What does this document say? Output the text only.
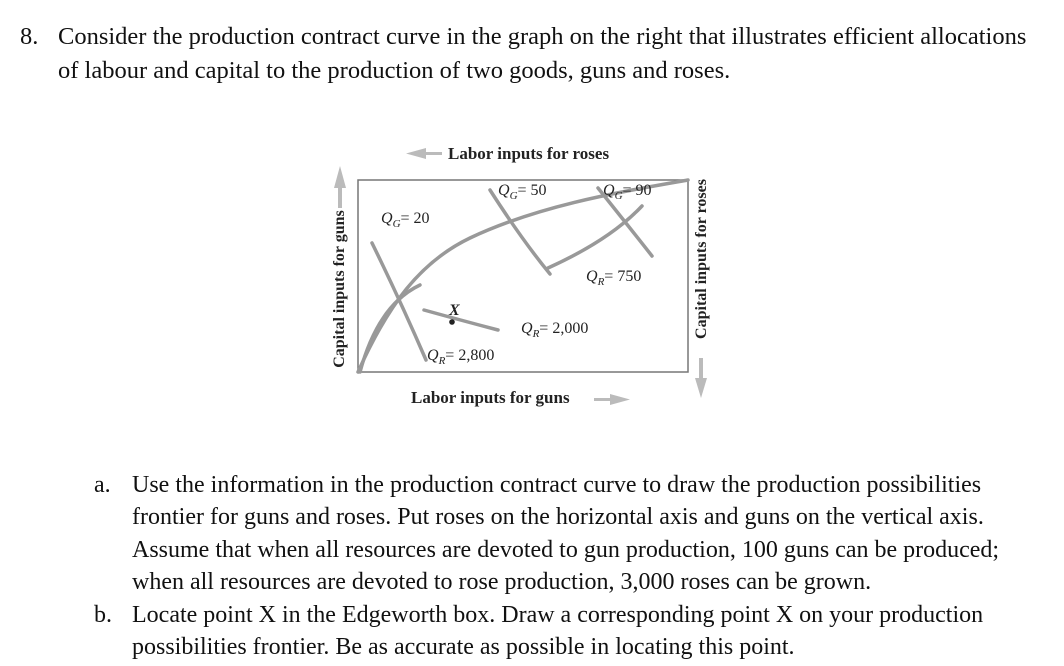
8. Consider the production contract curve in the graph on the right that illustrates efficient allocations
of labour and capital to the production of two goods, guns and roses.
Labor inputs for roses
Labor inputs for guns
Capital inputs for guns	Capital inputs for roses
$Q_G= 20$
$Q_G= 50$	$Q_G= 90$
$Q_R= 750$
$Q_R= 2,000$
$Q_R= 2,800$
X
a. Use the information in the production contract curve to draw the production possibilities
frontier for guns and roses. Put roses on the horizontal axis and guns on the vertical axis.
Assume that when all resources are devoted to gun production, 100 guns can be produced;
when all resources are devoted to rose production, 3,000 roses can be grown.
b. Locate point X in the Edgeworth box. Draw a corresponding point X on your production
possibilities frontier. Be as accurate as possible in locating this point.
